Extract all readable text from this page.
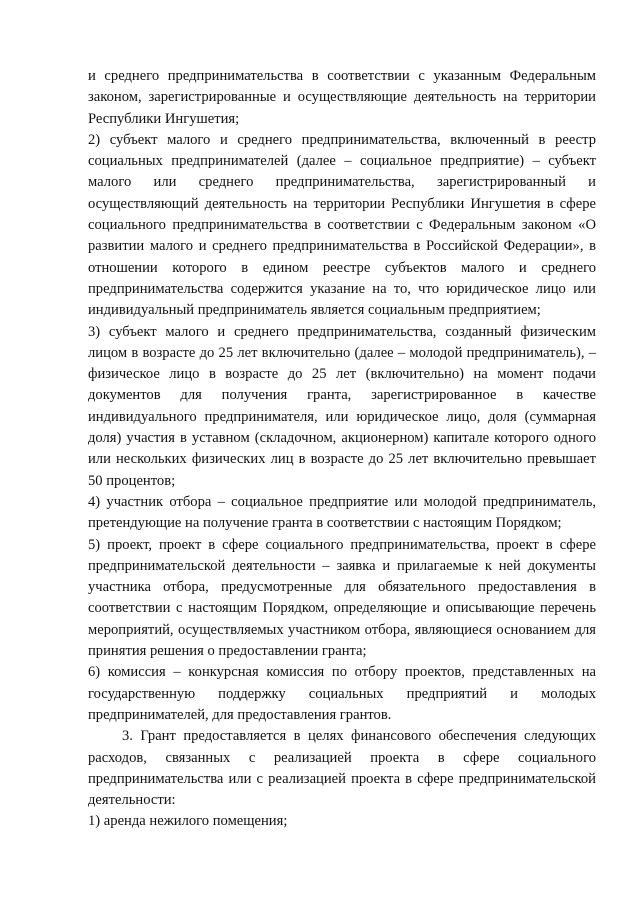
и среднего предпринимательства в соответствии с указанным Федеральным законом, зарегистрированные и осуществляющие деятельность на территории Республики Ингушетия;

2) субъект малого и среднего предпринимательства, включенный в реестр социальных предпринимателей (далее – социальное предприятие) – субъект малого или среднего предпринимательства, зарегистрированный и осуществляющий деятельность на территории Республики Ингушетия в сфере социального предпринимательства в соответствии с Федеральным законом «О развитии малого и среднего предпринимательства в Российской Федерации», в отношении которого в едином реестре субъектов малого и среднего предпринимательства содержится указание на то, что юридическое лицо или индивидуальный предприниматель является социальным предприятием;

3) субъект малого и среднего предпринимательства, созданный физическим лицом в возрасте до 25 лет включительно (далее – молодой предприниматель), – физическое лицо в возрасте до 25 лет (включительно) на момент подачи документов для получения гранта, зарегистрированное в качестве индивидуального предпринимателя, или юридическое лицо, доля (суммарная доля) участия в уставном (складочном, акционерном) капитале которого одного или нескольких физических лиц в возрасте до 25 лет включительно превышает 50 процентов;

4) участник отбора – социальное предприятие или молодой предприниматель, претендующие на получение гранта в соответствии с настоящим Порядком;

5) проект, проект в сфере социального предпринимательства, проект в сфере предпринимательской деятельности – заявка и прилагаемые к ней документы участника отбора, предусмотренные для обязательного предоставления в соответствии с настоящим Порядком, определяющие и описывающие перечень мероприятий, осуществляемых участником отбора, являющиеся основанием для принятия решения о предоставлении гранта;

6) комиссия – конкурсная комиссия по отбору проектов, представленных на государственную поддержку социальных предприятий и молодых предпринимателей, для предоставления грантов.

3. Грант предоставляется в целях финансового обеспечения следующих расходов, связанных с реализацией проекта в сфере социального предпринимательства или с реализацией проекта в сфере предпринимательской деятельности:

1) аренда нежилого помещения;
